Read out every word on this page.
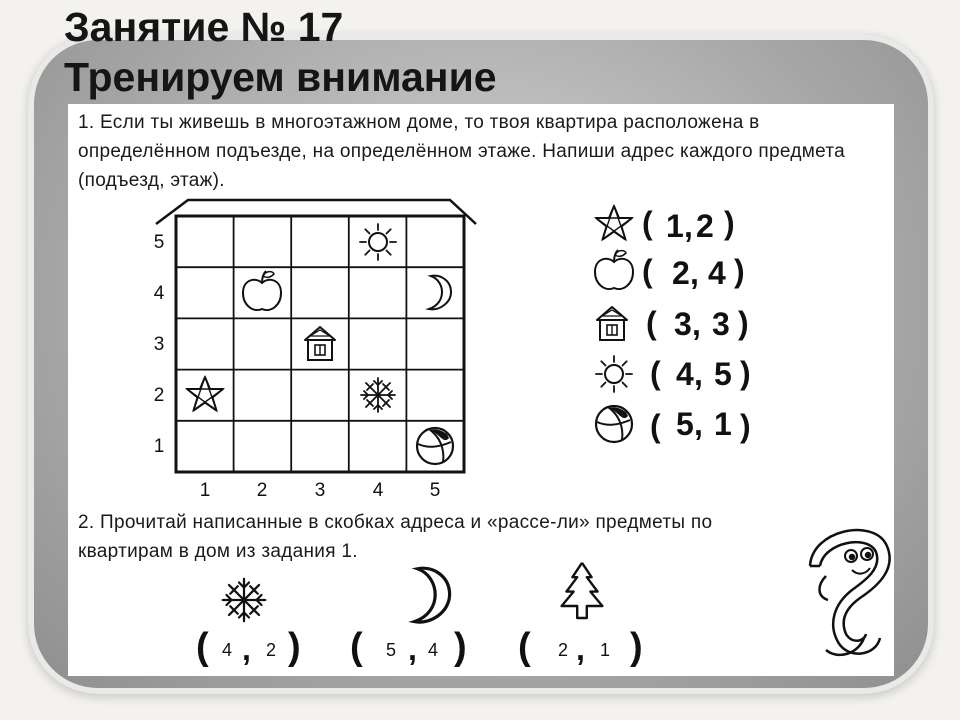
Занятие № 17
Тренируем внимание

1. Если ты живешь в многоэтажном доме, то твоя квартира расположена в определённом подъезде, на определённом этаже. Напиши адрес каждого предмета (подъезд, этаж).

2. Прочитай написанные в скобках адреса и «рассе-ли» предметы по квартирам в дом из задания 1.

5
4
3
2
1
1 2 3 4 5
( 1 , 2 )
( 2 , 4 )
( 3 , 3 )
( 4 , 5 )
( 5 , 1 )
( 4 , 2 ) ( 5 , 4 ) ( 2 , 1 )
